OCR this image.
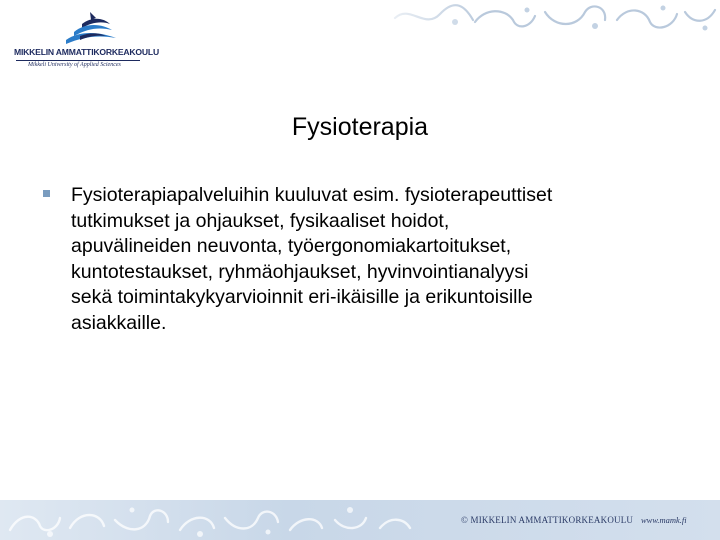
MIKKELIN AMMATTIKORKEAKOULU
Mikkeli University of Applied Sciences
Fysioterapia
Fysioterapiapalveluihin kuuluvat esim. fysioterapeuttiset
tutkimukset ja ohjaukset, fysikaaliset hoidot,
apuvälineiden neuvonta, työergonomiakartoitukset,
kuntotestaukset, ryhmäohjaukset, hyvinvointianalyysi
sekä toimintakykyarvioinnit eri-ikäisille ja erikuntoisille
asiakkaille.
© MIKKELIN AMMATTIKORKEAKOULU www.mamk.fi
